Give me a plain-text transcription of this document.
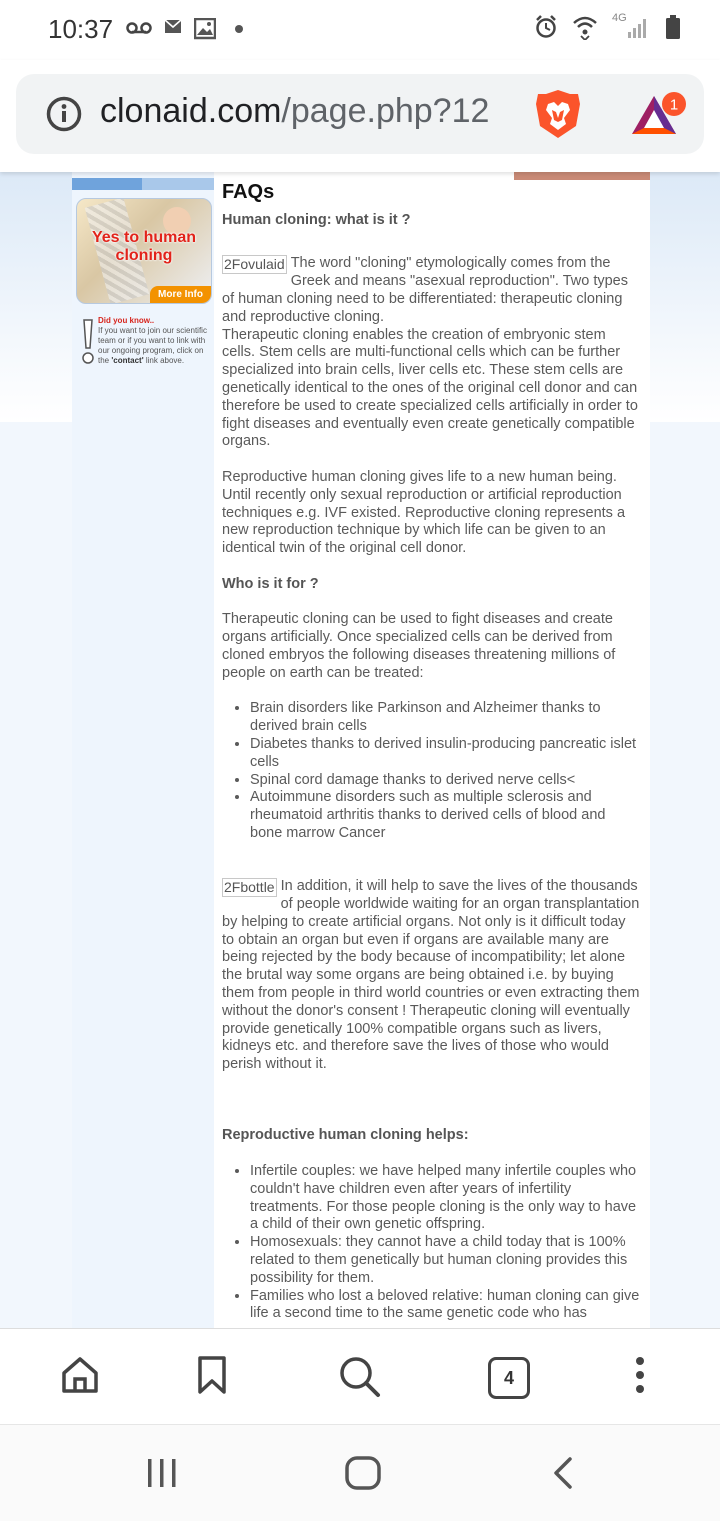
10:37	4G
clonaid.com/page.php?12	1
Yes to human cloning
More Info
Did you know..
If you want to join our scientific team or if you want to link with our ongoing program, click on the 'contact' link above.
FAQs

Human cloning: what is it ?

2Fovulaid The word "cloning" etymologically comes from the Greek and means "asexual reproduction". Two types of human cloning need to be differentiated: therapeutic cloning and reproductive cloning.

Therapeutic cloning enables the creation of embryonic stem cells. Stem cells are multi-functional cells which can be further specialized into brain cells, liver cells etc. These stem cells are genetically identical to the ones of the original cell donor and can therefore be used to create specialized cells artificially in order to fight diseases and eventually even create genetically compatible organs.

Reproductive human cloning gives life to a new human being. Until recently only sexual reproduction or artificial reproduction techniques e.g. IVF existed. Reproductive cloning represents a new reproduction technique by which life can be given to an identical twin of the original cell donor.

Who is it for ?

Therapeutic cloning can be used to fight diseases and create organs artificially. Once specialized cells can be derived from cloned embryos the following diseases threatening millions of people on earth can be treated:

• Brain disorders like Parkinson and Alzheimer thanks to derived brain cells
• Diabetes thanks to derived insulin-producing pancreatic islet cells
• Spinal cord damage thanks to derived nerve cells<
• Autoimmune disorders such as multiple sclerosis and rheumatoid arthritis thanks to derived cells of blood and bone marrow Cancer

2Fbottle In addition, it will help to save the lives of the thousands of people worldwide waiting for an organ transplantation by helping to create artificial organs. Not only is it difficult today to obtain an organ but even if organs are available many are being rejected by the body because of incompatibility; let alone the brutal way some organs are being obtained i.e. by buying them from people in third world countries or even extracting them without the donor's consent ! Therapeutic cloning will eventually provide genetically 100% compatible organs such as livers, kidneys etc. and therefore save the lives of those who would perish without it.

Reproductive human cloning helps:

• Infertile couples: we have helped many infertile couples who couldn't have children even after years of infertility treatments. For those people cloning is the only way to have a child of their own genetic offspring.
• Homosexuals: they cannot have a child today that is 100% related to them genetically but human cloning provides this possibility for them.
• Families who lost a beloved relative: human cloning can give life a second time to the same genetic code who has
4
